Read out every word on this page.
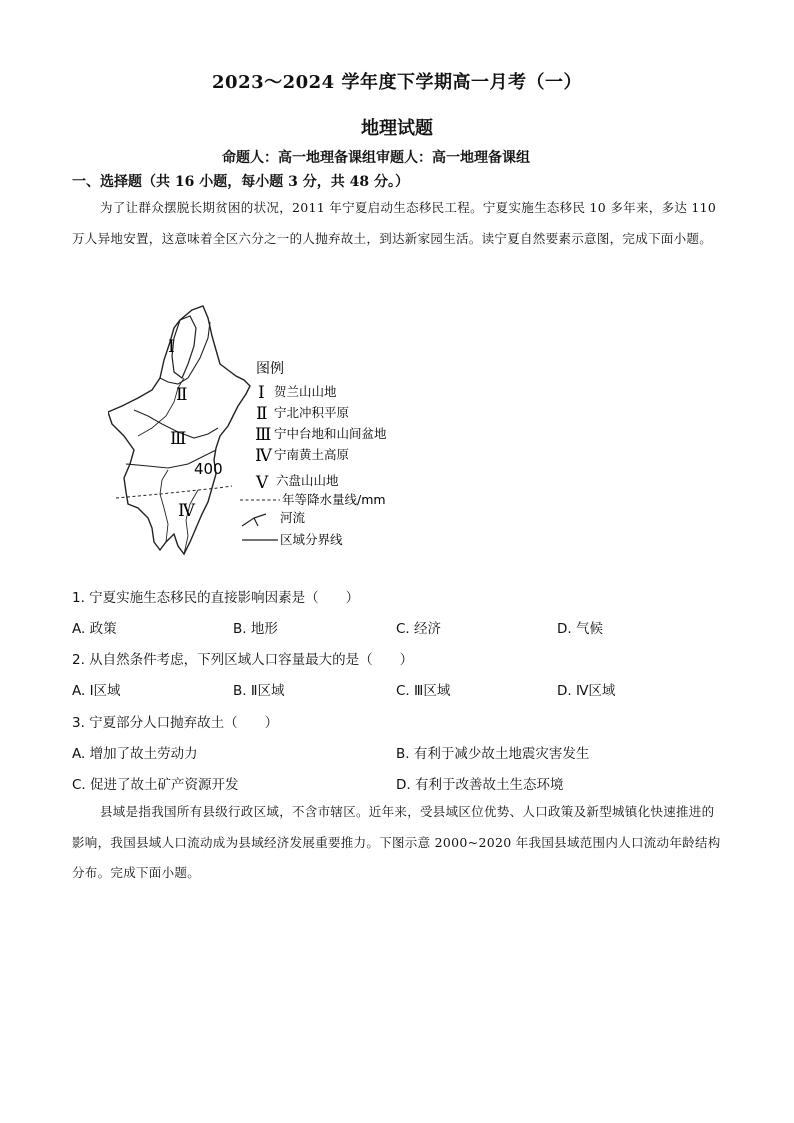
2023～2024 学年度下学期高一月考（一）
地理试题
命题人：高一地理备课组审题人：高一地理备课组
一、选择题（共 16 小题，每小题 3 分，共 48 分。）
为了让群众摆脱长期贫困的状况，2011 年宁夏启动生态移民工程。宁夏实施生态移民 10 多年来，多达 110 万人异地安置，这意味着全区六分之一的人抛弃故土，到达新家园生活。读宁夏自然要素示意图，完成下面小题。
Ⅰ
Ⅱ
Ⅲ
Ⅳ
400
图例
Ⅰ 贺兰山山地
Ⅱ 宁北冲积平原
Ⅲ 宁中台地和山间盆地
Ⅳ 宁南黄土高原
Ⅴ 六盘山山地
年等降水量线/mm
河流
区域分界线
1. 宁夏实施生态移民的直接影响因素是（　　）
A. 政策	B. 地形	C. 经济	D. 气候
2. 从自然条件考虑，下列区域人口容量最大的是（　　）
A. Ⅰ区域	B. Ⅱ区域	C. Ⅲ区域	D. Ⅳ区域
3. 宁夏部分人口抛弃故土（　　）
A. 增加了故土劳动力	B. 有利于减少故土地震灾害发生
C. 促进了故土矿产资源开发	D. 有利于改善故土生态环境
县域是指我国所有县级行政区域，不含市辖区。近年来，受县域区位优势、人口政策及新型城镇化快速推进的影响，我国县域人口流动成为县域经济发展重要推力。下图示意 2000~2020 年我国县域范围内人口流动年龄结构分布。完成下面小题。
